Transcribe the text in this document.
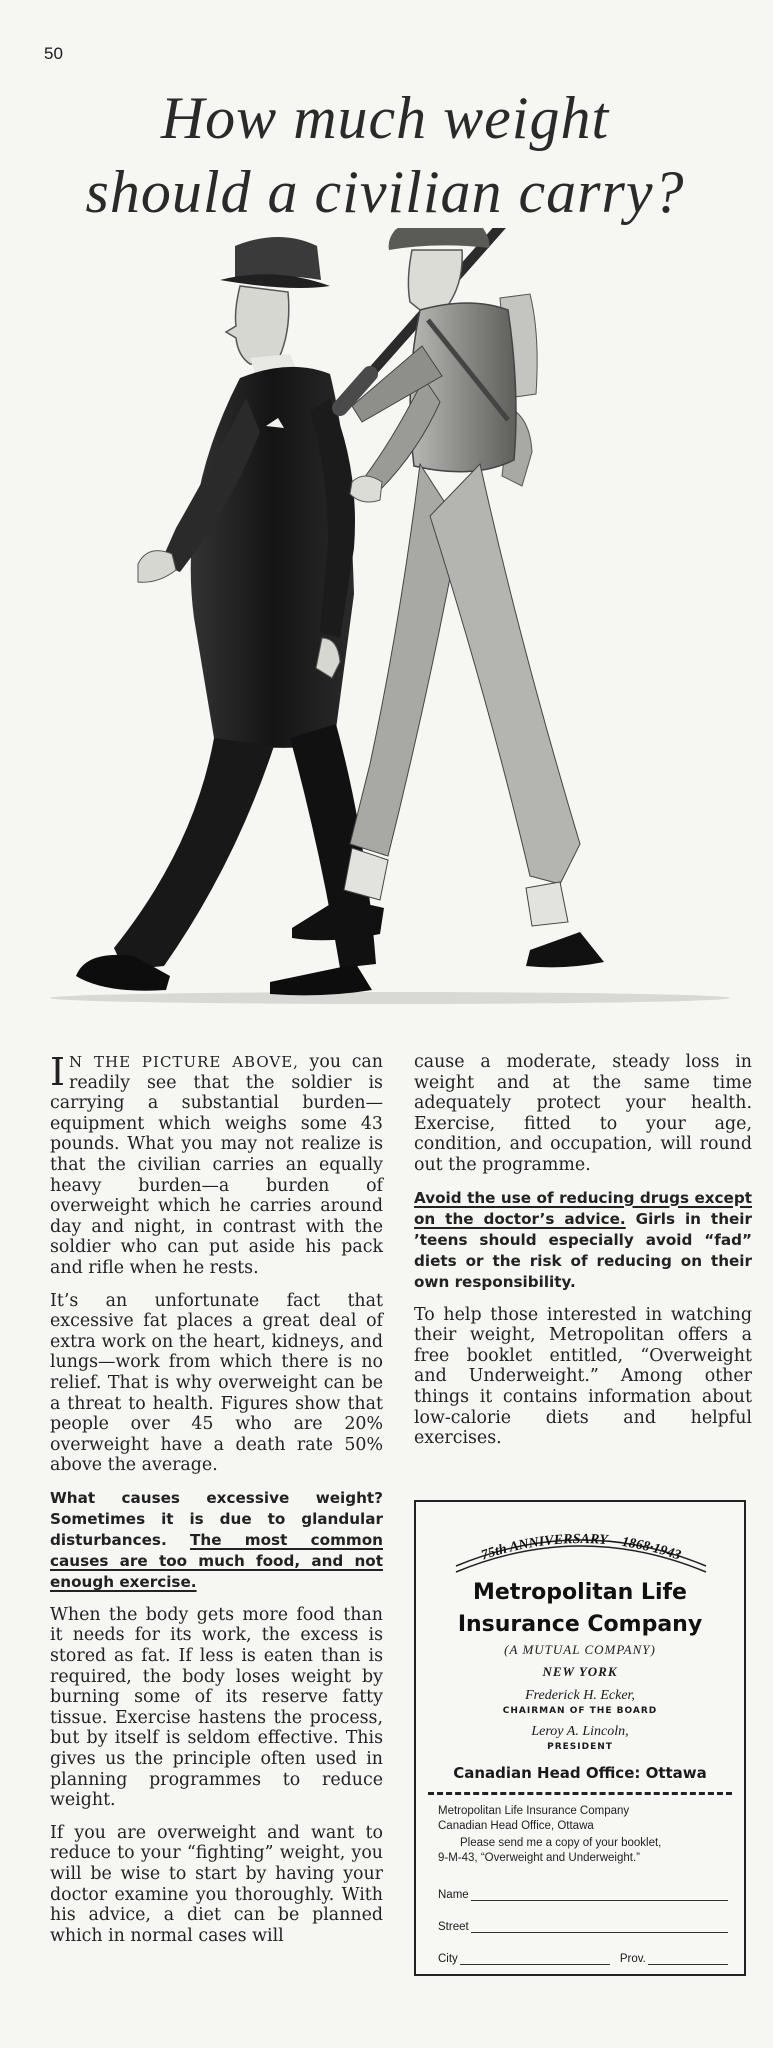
50
How much weight
should a civilian carry?

I N THE PICTURE ABOVE, you can readily see that the soldier is carrying a substantial burden—equipment which weighs some 43 pounds. What you may not realize is that the civilian carries an equally heavy burden—a burden of overweight which he carries around day and night, in contrast with the soldier who can put aside his pack and rifle when he rests.

It’s an unfortunate fact that excessive fat places a great deal of extra work on the heart, kidneys, and lungs—work from which there is no relief. That is why overweight can be a threat to health. Figures show that people over 45 who are 20% overweight have a death rate 50% above the average.

What causes excessive weight? Sometimes it is due to glandular disturbances. The most common causes are too much food, and not enough exercise.

When the body gets more food than it needs for its work, the excess is stored as fat. If less is eaten than is required, the body loses weight by burning some of its reserve fatty tissue. Exercise hastens the process, but by itself is seldom effective. This gives us the principle often used in planning programmes to reduce weight.

If you are overweight and want to reduce to your “fighting” weight, you will be wise to start by having your doctor examine you thoroughly. With his advice, a diet can be planned which in normal cases will

cause a moderate, steady loss in weight and at the same time adequately protect your health. Exercise, fitted to your age, condition, and occupation, will round out the programme.

Avoid the use of reducing drugs except on the doctor’s advice. Girls in their ’teens should especially avoid “fad” diets or the risk of reducing on their own responsibility.

To help those interested in watching their weight, Metropolitan offers a free booklet entitled, “Overweight and Underweight.” Among other things it contains information about low-calorie diets and helpful exercises.

75th ANNIVERSARY—1868·1943
Metropolitan Life
Insurance Company
(A MUTUAL COMPANY)
NEW YORK
Frederick H. Ecker,
CHAIRMAN OF THE BOARD
Leroy A. Lincoln,
PRESIDENT
Canadian Head Office: Ottawa
Metropolitan Life Insurance Company
Canadian Head Office, Ottawa
Please send me a copy of your booklet,
9-M-43, “Overweight and Underweight.”
Name
Street
City	Prov.
